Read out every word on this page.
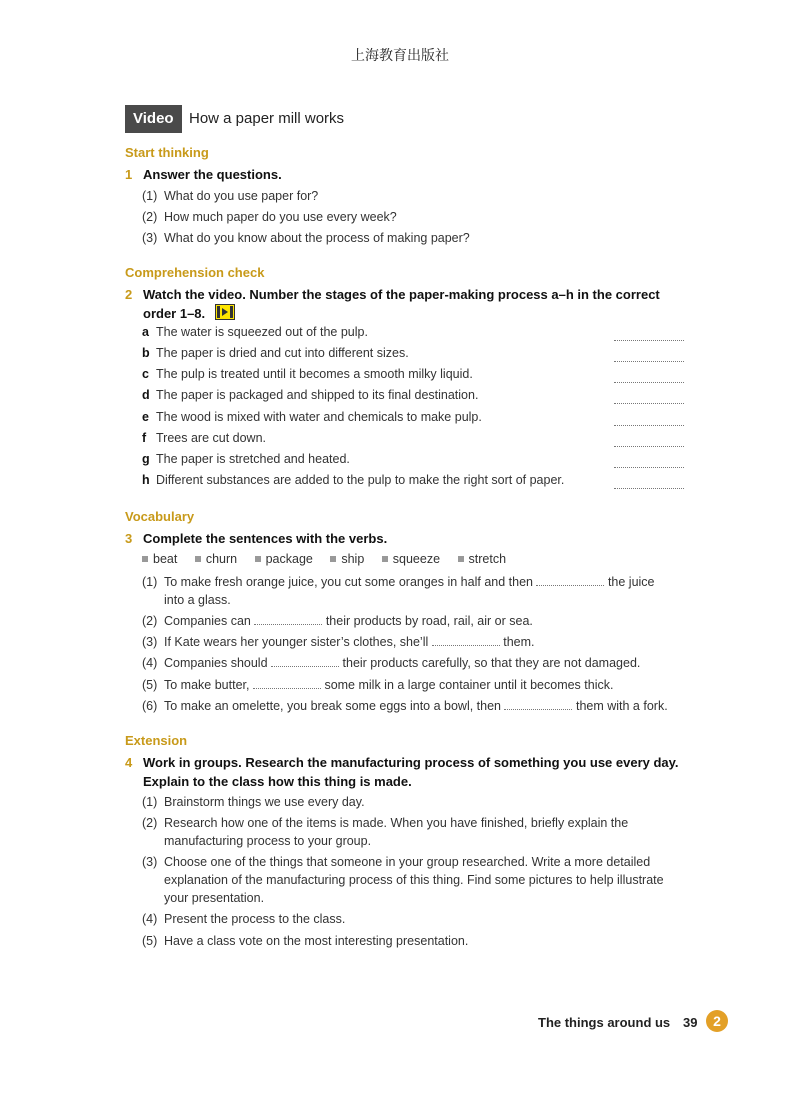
上海教育出版社
Video	How a paper mill works
Start thinking
1 Answer the questions.
(1) What do you use paper for?
(2) How much paper do you use every week?
(3) What do you know about the process of making paper?
Comprehension check
2 Watch the video. Number the stages of the paper-making process a–h in the correct
order 1–8.
a The water is squeezed out of the pulp.
b The paper is dried and cut into different sizes.
c The pulp is treated until it becomes a smooth milky liquid.
d The paper is packaged and shipped to its final destination.
e The wood is mixed with water and chemicals to make pulp.
f Trees are cut down.
g The paper is stretched and heated.
h Different substances are added to the pulp to make the right sort of paper.
Vocabulary
3 Complete the sentences with the verbs.
beat churn package ship squeeze stretch
(1) To make fresh orange juice, you cut some oranges in half and then	the juice
into a glass.
(2) Companies can	their products by road, rail, air or sea.
(3) If Kate wears her younger sister’s clothes, she’ll	them.
(4) Companies should	their products carefully, so that they are not damaged.
(5) To make butter,	some milk in a large container until it becomes thick.
(6) To make an omelette, you break some eggs into a bowl, then	them with a fork.
Extension
4 Work in groups. Research the manufacturing process of something you use every day.
Explain to the class how this thing is made.
(1) Brainstorm things we use every day.
(2) Research how one of the items is made. When you have finished, briefly explain the
manufacturing process to your group.
(3) Choose one of the things that someone in your group researched. Write a more detailed
explanation of the manufacturing process of this thing. Find some pictures to help illustrate
your presentation.
(4) Present the process to the class.
(5) Have a class vote on the most interesting presentation.
The things around us 39	2
